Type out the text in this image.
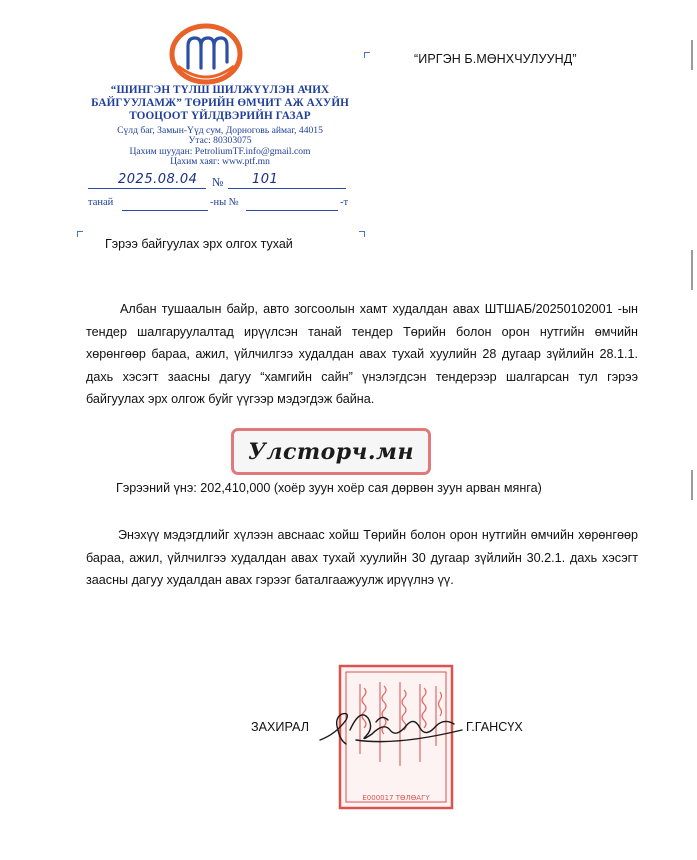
“ШИНГЭН ТҮЛШ ШИЛЖҮҮЛЭН АЧИХ
БАЙГУУЛАМЖ” ТӨРИЙН ӨМЧИТ АЖ АХУЙН
ТООЦООТ ҮЙЛДВЭРИЙН ГАЗАР
Сүлд баг, Замын-Үүд сум, Дорноговь аймаг, 44015
Утас: 80303075
Цахим шуудан: PetroliumTF.info@gmail.com
Цахим хаяг: www.ptf.mn
2025.08.04 № 101
танай	-ны №	-т
“ИРГЭН Б.МӨНХЧУЛУУНД”
Гэрээ байгуулах эрх олгох тухай
Албан тушаалын байр, авто зогсоолын хамт худалдан авах ШТШАБ/20250102001 -ын тендер шалгаруулалтад ирүүлсэн танай тендер Төрийн болон орон нутгийн өмчийн хөрөнгөөр бараа, ажил, үйлчилгээ худалдан авах тухай хуулийн 28 дугаар зүйлийн 28.1.1. дахь хэсэгт заасны дагуу “хамгийн сайн” үнэлэгдсэн тендерээр шалгарсан тул гэрээ байгуулах эрх олгож буйг үүгээр мэдэгдэж байна.
Улсторч.мн
Гэрээний үнэ: 202,410,000 (хоёр зуун хоёр сая дөрвөн зуун арван мянга)
Энэхүү мэдэгдлийг хүлээн авснаас хойш Төрийн болон орон нутгийн өмчийн хөрөнгөөр бараа, ажил, үйлчилгээ худалдан авах тухай хуулийн 30 дугаар зүйлийн 30.2.1. дахь хэсэгт заасны дагуу худалдан авах гэрээг баталгаажуулж ирүүлнэ үү.
Е000017 ТӨЛӨАГҮ
ЗАХИРАЛ	Г.ГАНСҮХ
